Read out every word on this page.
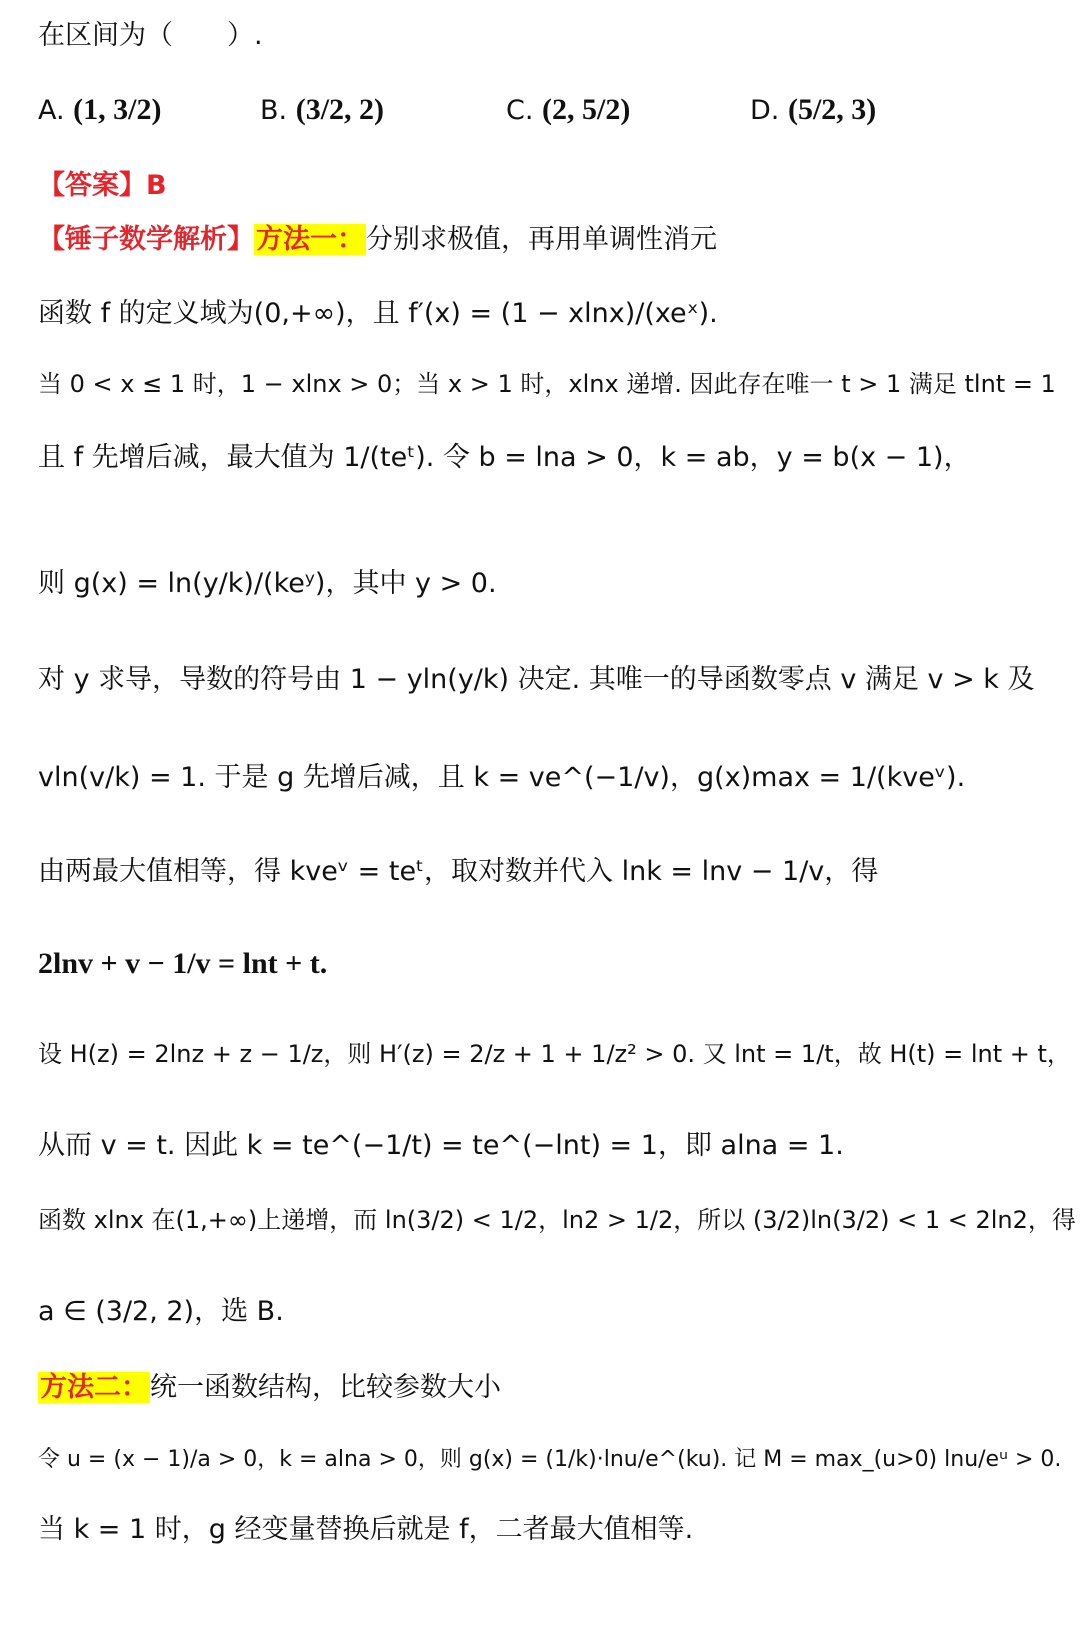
在区间为（　　）.
A. (1, 3/2)	B. (3/2, 2)	C. (2, 5/2)	D. (5/2, 3)
【答案】B
【锤子数学解析】方法一：分别求极值，再用单调性消元
函数 f 的定义域为(0,+∞)，且 f′(x) = (1 − xlnx)/(xeˣ).
当 0 < x ≤ 1 时，1 − xlnx > 0；当 x > 1 时，xlnx 递增. 因此存在唯一 t > 1 满足 tlnt = 1
且 f 先增后减，最大值为 1/(teᵗ). 令 b = lna > 0，k = ab，y = b(x − 1)，
则 g(x) = ln(y/k)/(keʸ)，其中 y > 0.
对 y 求导，导数的符号由 1 − yln(y/k) 决定. 其唯一的导函数零点 v 满足 v > k 及
vln(v/k) = 1. 于是 g 先增后减，且 k = ve^(−1/v)，g(x)max = 1/(kveᵛ).
由两最大值相等，得 kveᵛ = teᵗ，取对数并代入 lnk = lnv − 1/v，得
2lnv + v − 1/v = lnt + t.
设 H(z) = 2lnz + z − 1/z，则 H′(z) = 2/z + 1 + 1/z² > 0. 又 lnt = 1/t，故 H(t) = lnt + t，
从而 v = t. 因此 k = te^(−1/t) = te^(−lnt) = 1，即 alna = 1.
函数 xlnx 在(1,+∞)上递增，而 ln(3/2) < 1/2，ln2 > 1/2，所以 (3/2)ln(3/2) < 1 < 2ln2，得
a ∈ (3/2, 2)，选 B.
方法二：统一函数结构，比较参数大小
令 u = (x − 1)/a > 0，k = alna > 0，则 g(x) = (1/k)·lnu/e^(ku). 记 M = max_(u>0) lnu/eᵘ > 0.
当 k = 1 时，g 经变量替换后就是 f，二者最大值相等.
